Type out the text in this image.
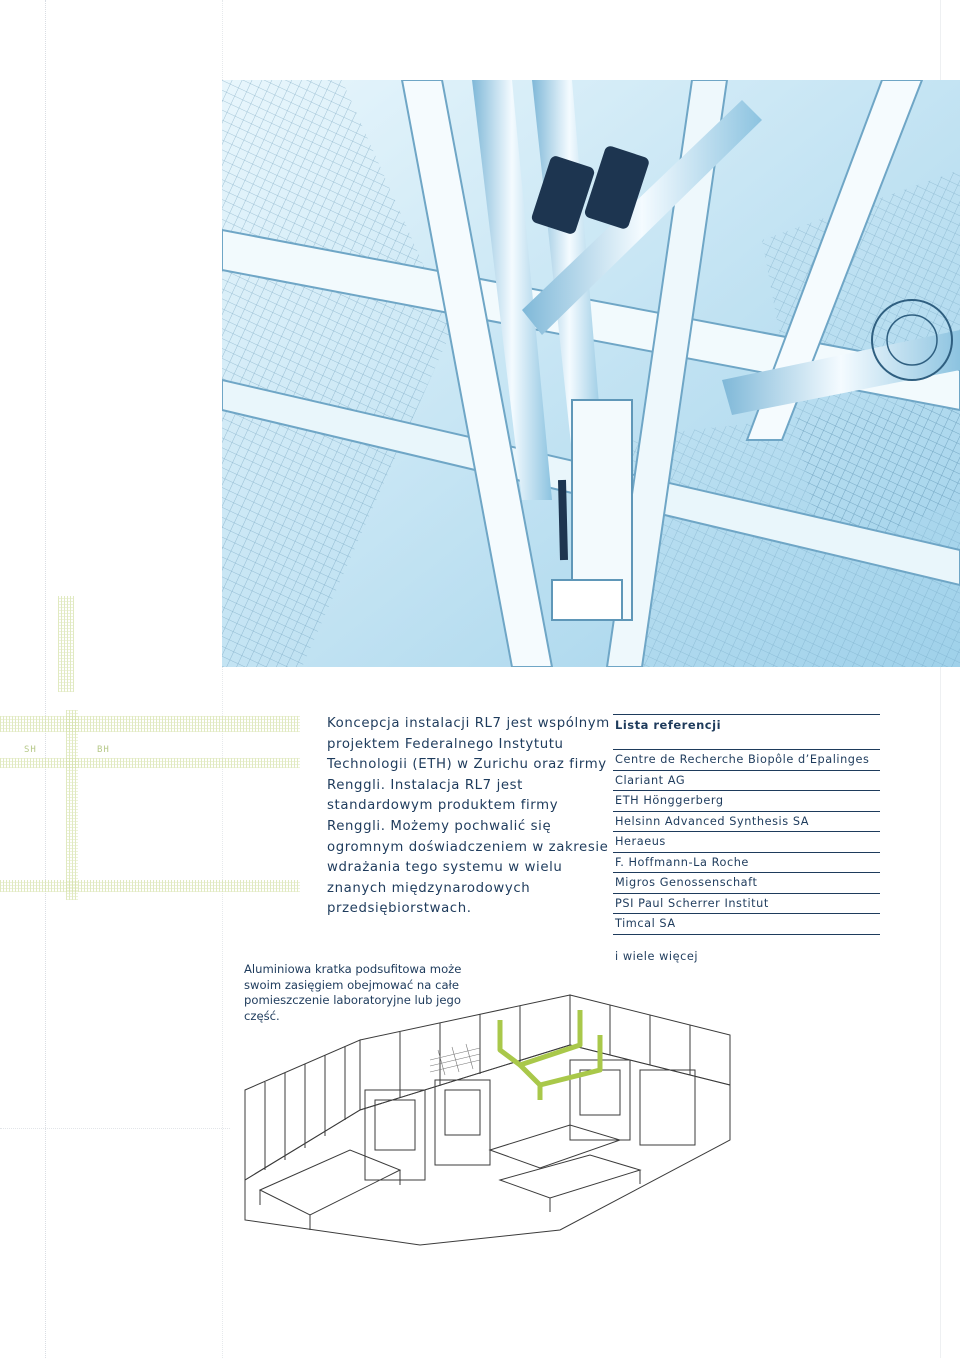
SH	BH

Koncepcja instalacji RL7 jest wspólnym projektem Federalnego Instytutu Technologii (ETH) w Zurichu oraz firmy Renggli. Instalacja RL7 jest standardowym produktem firmy Renggli. Możemy pochwalić się ogromnym doświadczeniem w zakresie wdrażania tego systemu w wielu znanych międzynarodowych przedsiębiorstwach.

Lista referencji
Centre de Recherche Biopôle d’Epalinges
Clariant AG
ETH Hönggerberg
Helsinn Advanced Synthesis SA
Heraeus
F. Hoffmann-La Roche
Migros Genossenschaft
PSI Paul Scherrer Institut
Timcal SA
i wiele więcej

Aluminiowa kratka podsufitowa może swoim zasięgiem obejmować na całe pomieszczenie laboratoryjne lub jego część.
